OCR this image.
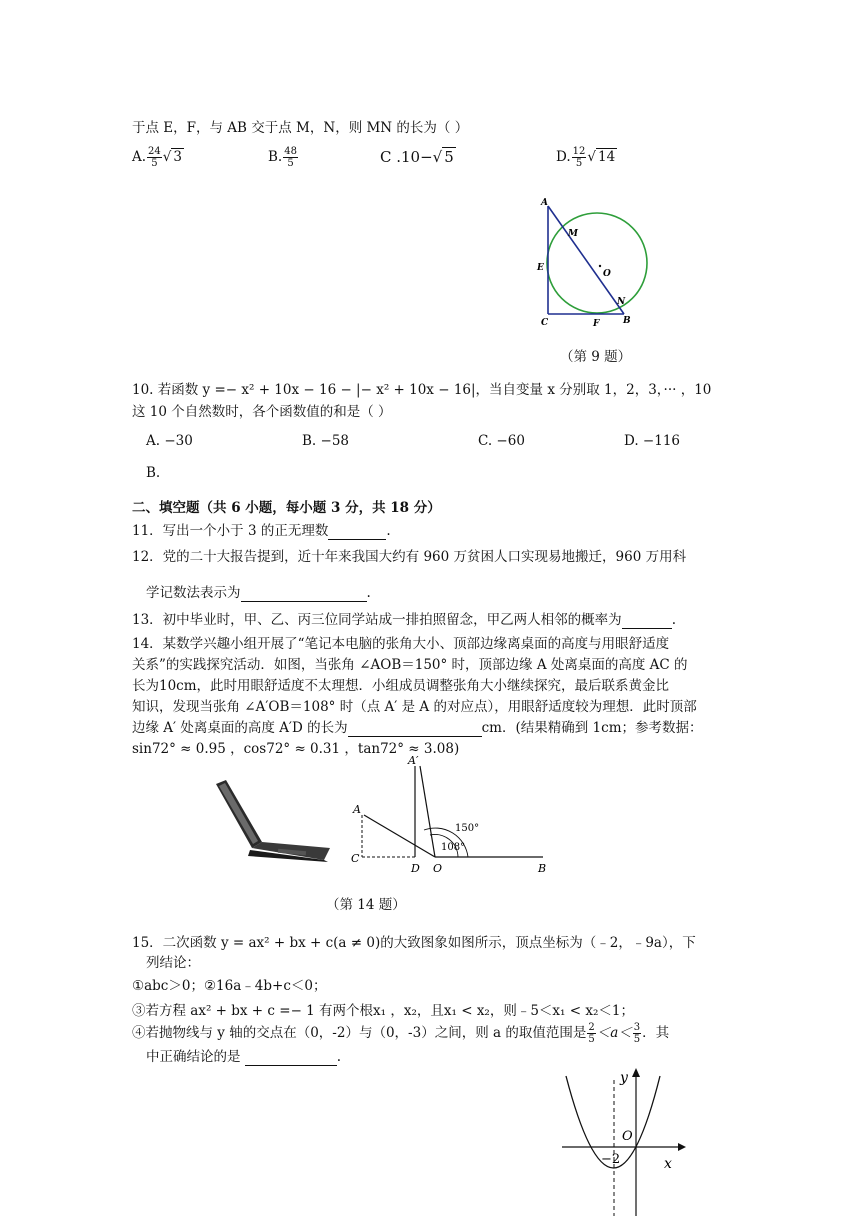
于点 E，F，与 AB 交于点 M，N，则 MN 的长为（ ）
A. $\frac{24}{5}$ √ 3	B. $\frac{48}{5}$	C .10−√ 5	D. $\frac{12}{5}$ √ 14
A
M
E
O
N
C	F	B
（第 9 题）
10. 若函数 y =− x² + 10x − 16 − |− x² + 10x − 16|，当自变量 x 分别取 1，2，3，··· ，10
这 10 个自然数时，各个函数值的和是（ ）
A. −30	B. −58	C. −60	D. −116
B.
二、填空题（共 6 小题，每小题 3 分，共 18 分）
11．写出一个小于 3 的正无理数	.
12．党的二十大报告提到，近十年来我国大约有 960 万贫困人口实现易地搬迁，960 万用科
学记数法表示为	.
13．初中毕业时，甲、乙、丙三位同学站成一排拍照留念，甲乙两人相邻的概率为	.
14．某数学兴趣小组开展了“笔记本电脑的张角大小、顶部边缘离桌面的高度与用眼舒适度
关系”的实践探究活动．如图，当张角 ∠AOB＝150° 时，顶部边缘 A 处离桌面的高度 AC 的
长为10cm，此时用眼舒适度不太理想．小组成员调整张角大小继续探究，最后联系黄金比
知识，发现当张角 ∠A′OB＝108° 时（点 A′ 是 A 的对应点），用眼舒适度较为理想．此时顶部
边缘 A′ 处离桌面的高度 A′D 的长为	cm．(结果精确到 1cm；参考数据：
sin72° ≈ 0.95 ，cos72° ≈ 0.31 ，tan72° ≈ 3.08)
A′
A
C
D O	B
150°
108°
（第 14 题）
15．二次函数 y = ax² + bx + c(a ≠ 0)的大致图象如图所示，顶点坐标为（﹣2，﹣9a），下
列结论：
①abc＞0；②16a﹣4b+c＜0；
③若方程 ax² + bx + c =− 1 有两个根x₁ ，x₂，且x₁ < x₂，则﹣5＜x₁ < x₂＜1；
④若抛物线与 y 轴的交点在（0，-2）与（0，-3）之间，则 a 的取值范围是 $\frac{2}{5} <a< \frac{3}{5}$ ．其
中正确结论的是	.
y
O
−2	x
